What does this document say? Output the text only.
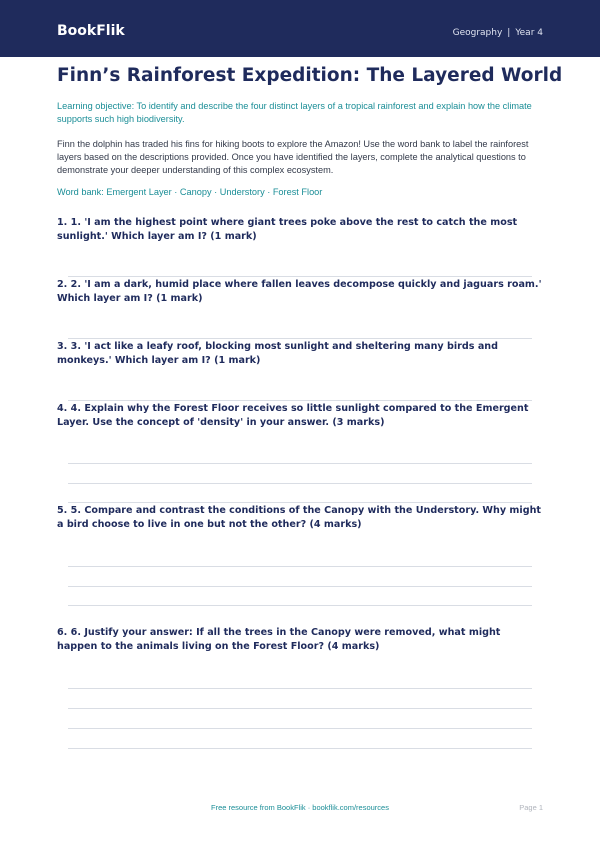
BookFlik	Geography | Year 4
Finn’s Rainforest Expedition: The Layered World
Learning objective: To identify and describe the four distinct layers of a tropical rainforest and explain how the climate supports such high biodiversity.
Finn the dolphin has traded his fins for hiking boots to explore the Amazon! Use the word bank to label the rainforest layers based on the descriptions provided. Once you have identified the layers, complete the analytical questions to demonstrate your deeper understanding of this complex ecosystem.
Word bank: Emergent Layer · Canopy · Understory · Forest Floor
1. 1. 'I am the highest point where giant trees poke above the rest to catch the most sunlight.' Which layer am I? (1 mark)
2. 2. 'I am a dark, humid place where fallen leaves decompose quickly and jaguars roam.' Which layer am I? (1 mark)
3. 3. 'I act like a leafy roof, blocking most sunlight and sheltering many birds and monkeys.' Which layer am I? (1 mark)
4. 4. Explain why the Forest Floor receives so little sunlight compared to the Emergent Layer. Use the concept of 'density' in your answer. (3 marks)
5. 5. Compare and contrast the conditions of the Canopy with the Understory. Why might a bird choose to live in one but not the other? (4 marks)
6. 6. Justify your answer: If all the trees in the Canopy were removed, what might happen to the animals living on the Forest Floor? (4 marks)
Free resource from BookFlik · bookflik.com/resources	Page 1
